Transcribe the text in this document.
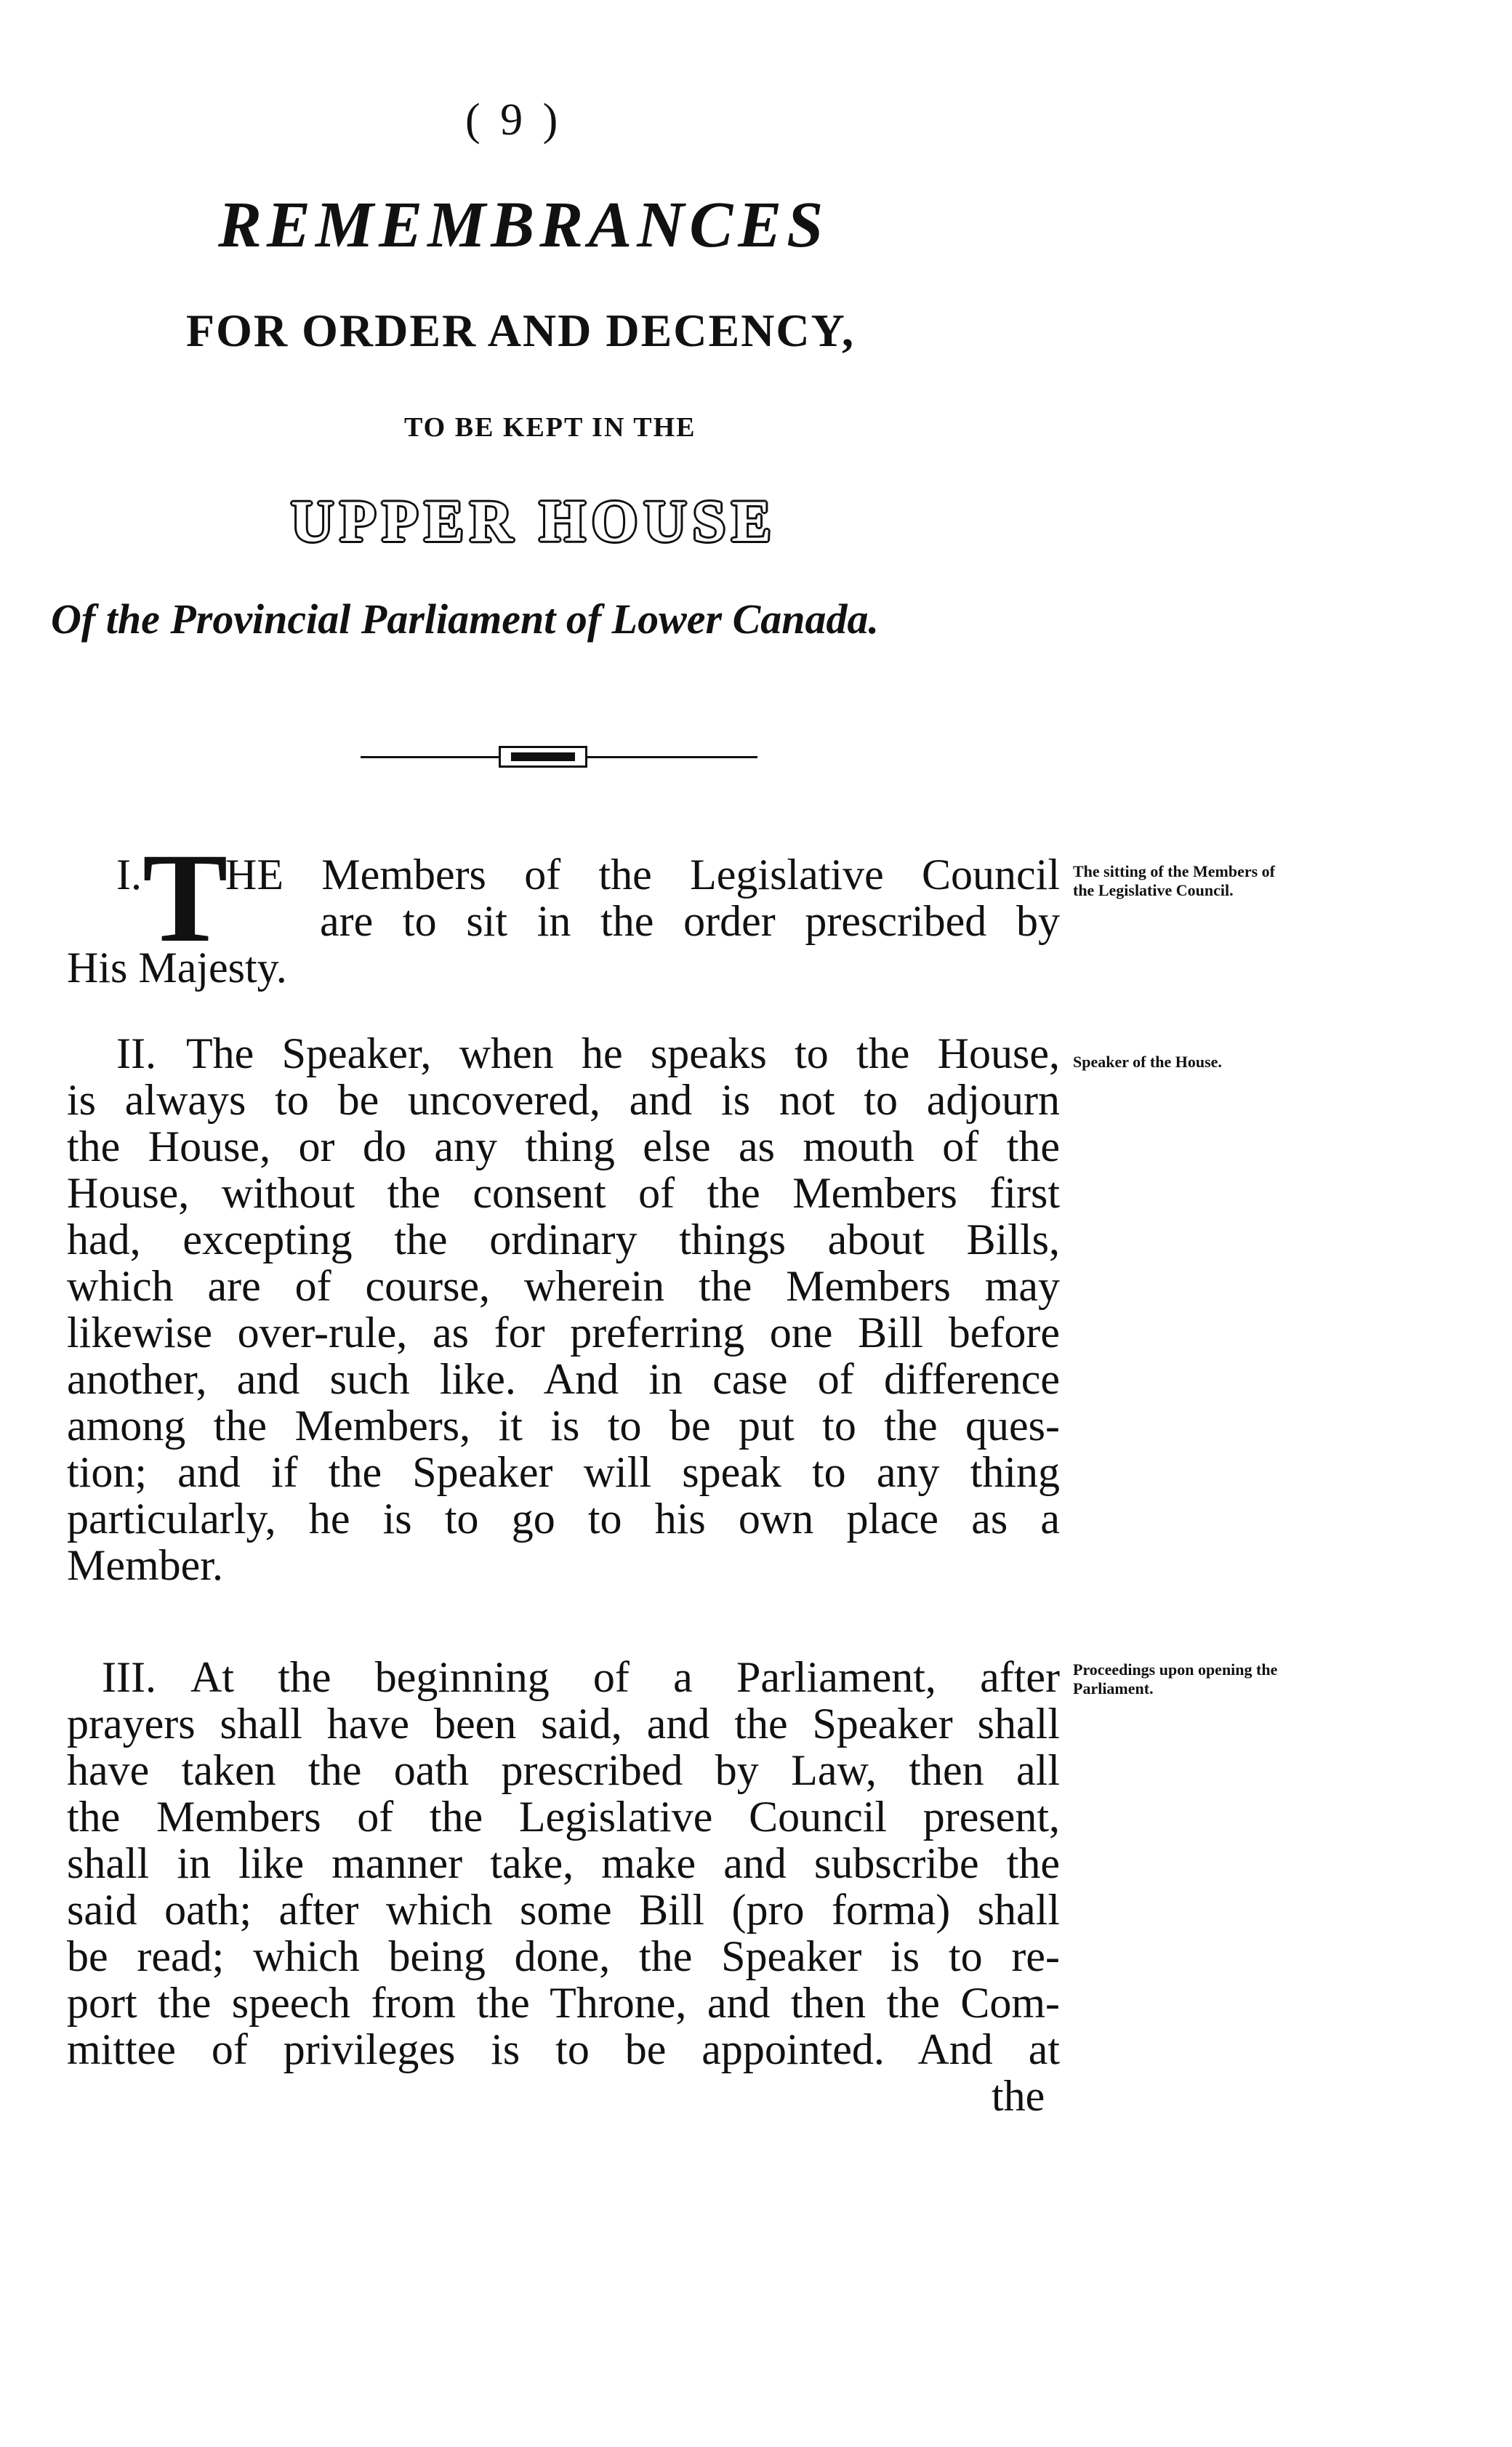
( 9 )
REMEMBRANCES
FOR ORDER AND DECENCY,
TO BE KEPT IN THE
UPPER HOUSE
Of the Provincial Parliament of Lower Canada.
I. T
HE Members of the Legislative Council
are to sit in the order prescribed by
His Majesty.
The sitting of the Members of the Legislative Council.
II. The Speaker, when he speaks to the House,
is always to be uncovered, and is not to adjourn
the House, or do any thing else as mouth of the
House, without the consent of the Members first
had, excepting the ordinary things about Bills,
which are of course, wherein the Members may
likewise over-rule, as for preferring one Bill before
another, and such like. And in case of difference
among the Members, it is to be put to the ques-
tion; and if the Speaker will speak to any thing
particularly, he is to go to his own place as a
Member.
Speaker of the House.
III. At the beginning of a Parliament, after
prayers shall have been said, and the Speaker shall
have taken the oath prescribed by Law, then all
the Members of the Legislative Council present,
shall in like manner take, make and subscribe the
said oath; after which some Bill (pro forma) shall
be read; which being done, the Speaker is to re-
port the speech from the Throne, and then the Com-
mittee of privileges is to be appointed. And at
the
Proceedings upon opening the Parliament.
